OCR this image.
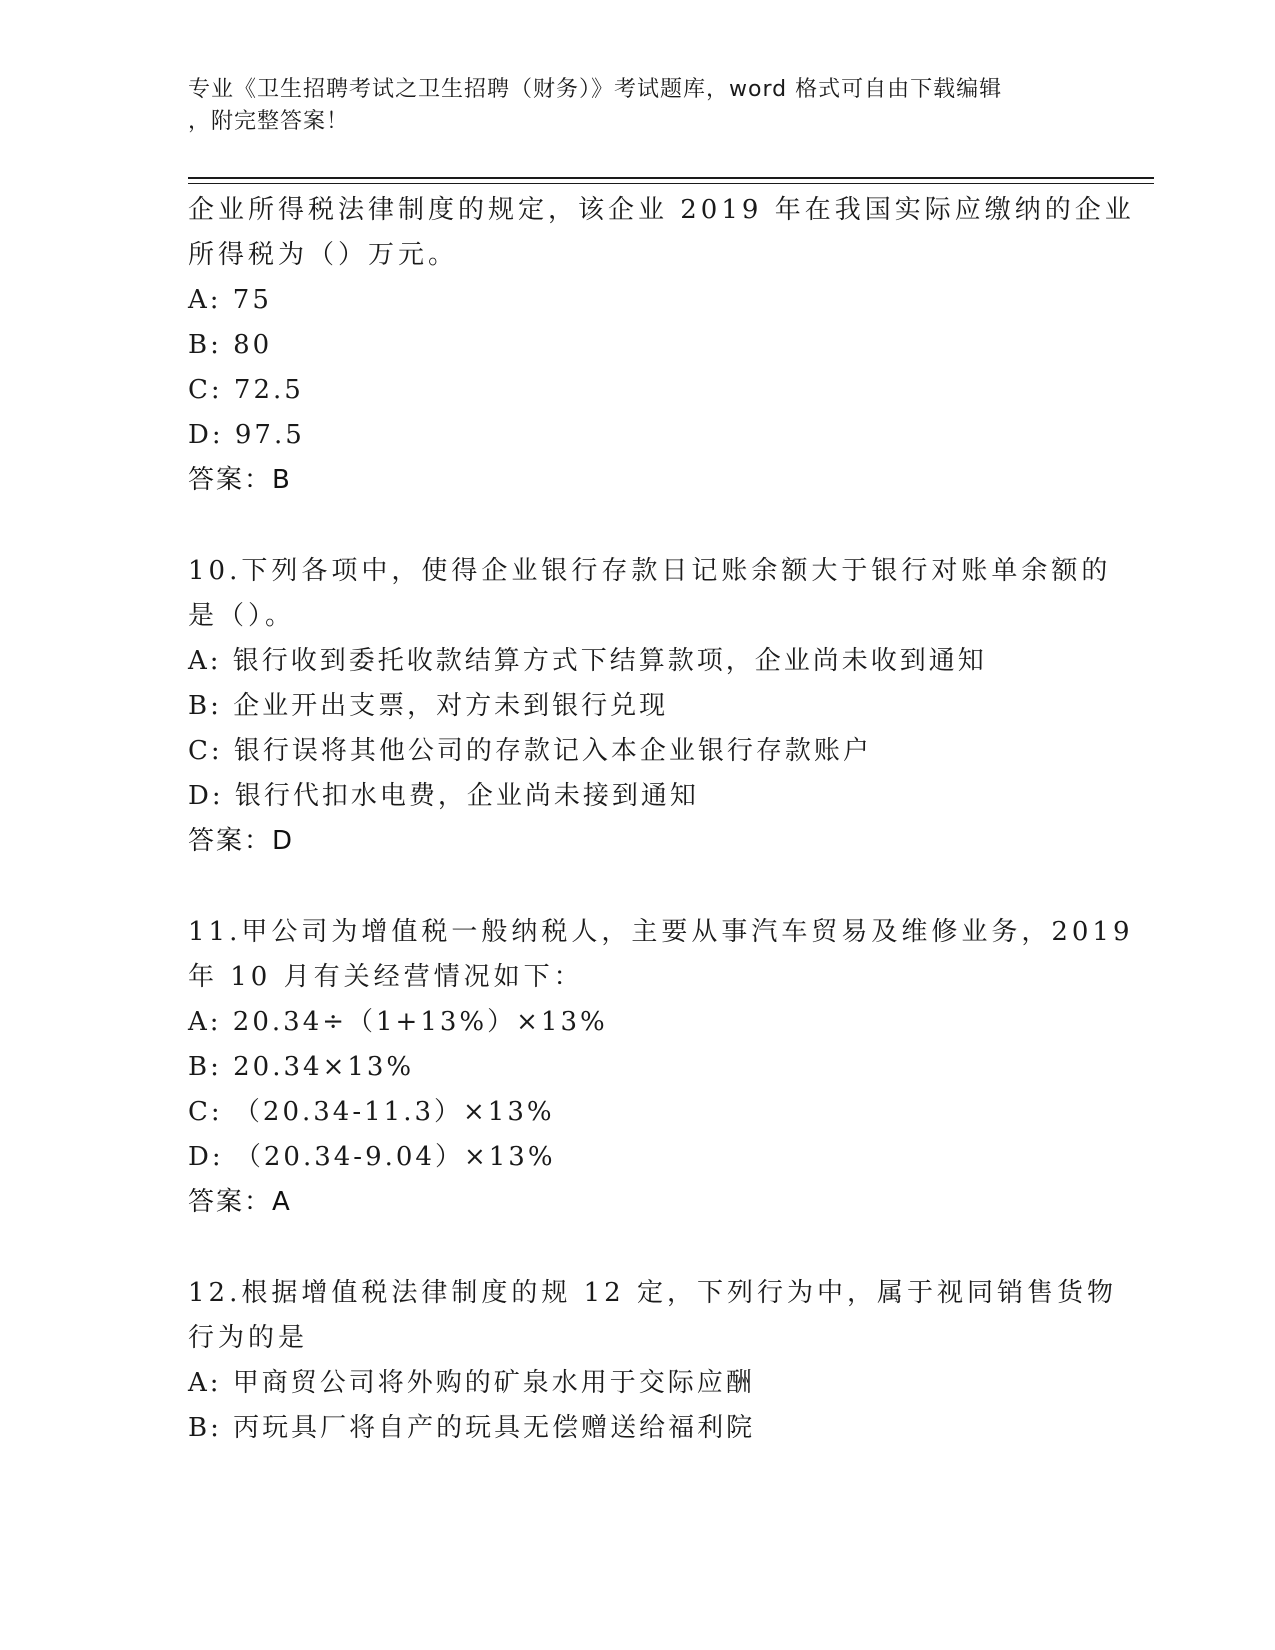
专业《卫生招聘考试之卫生招聘（财务）》考试题库，word 格式可自由下载编辑
，附完整答案！
企业所得税法律制度的规定，该企业 2019 年在我国实际应缴纳的企业
所得税为（）万元。
A: 75
B: 80
C: 72.5
D: 97.5
答案：B
10.下列各项中，使得企业银行存款日记账余额大于银行对账单余额的
是（）。
A: 银行收到委托收款结算方式下结算款项，企业尚未收到通知
B: 企业开出支票，对方未到银行兑现
C: 银行误将其他公司的存款记入本企业银行存款账户
D: 银行代扣水电费，企业尚未接到通知
答案：D
11.甲公司为增值税一般纳税人，主要从事汽车贸易及维修业务，2019
年 10 月有关经营情况如下：
A: 20.34÷（1+13%）×13%
B: 20.34×13%
C: （20.34-11.3）×13%
D: （20.34-9.04）×13%
答案：A
12.根据增值税法律制度的规 12 定，下列行为中，属于视同销售货物
行为的是
A: 甲商贸公司将外购的矿泉水用于交际应酬
B: 丙玩具厂将自产的玩具无偿赠送给福利院
